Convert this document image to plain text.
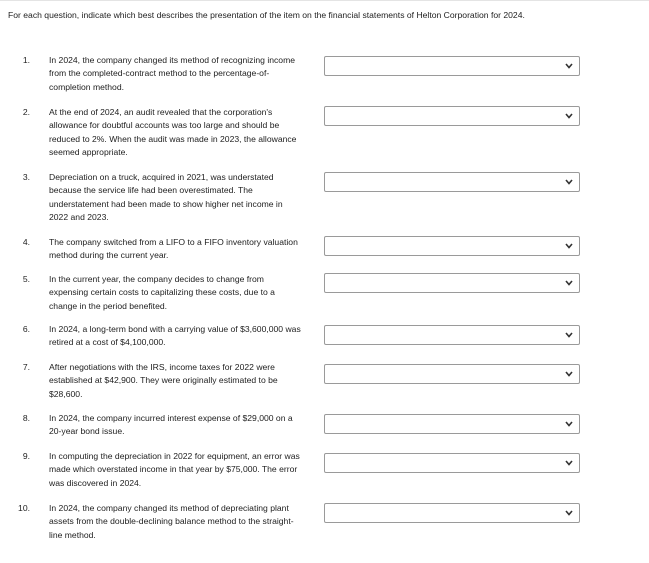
For each question, indicate which best describes the presentation of the item on the financial statements of Helton Corporation for 2024.
1. In 2024, the company changed its method of recognizing income from the completed-contract method to the percentage-of-completion method.
2. At the end of 2024, an audit revealed that the corporation's allowance for doubtful accounts was too large and should be reduced to 2%. When the audit was made in 2023, the allowance seemed appropriate.
3. Depreciation on a truck, acquired in 2021, was understated because the service life had been overestimated. The understatement had been made to show higher net income in 2022 and 2023.
4. The company switched from a LIFO to a FIFO inventory valuation method during the current year.
5. In the current year, the company decides to change from expensing certain costs to capitalizing these costs, due to a change in the period benefited.
6. In 2024, a long-term bond with a carrying value of $3,600,000 was retired at a cost of $4,100,000.
7. After negotiations with the IRS, income taxes for 2022 were established at $42,900. They were originally estimated to be $28,600.
8. In 2024, the company incurred interest expense of $29,000 on a 20-year bond issue.
9. In computing the depreciation in 2022 for equipment, an error was made which overstated income in that year by $75,000. The error was discovered in 2024.
10. In 2024, the company changed its method of depreciating plant assets from the double-declining balance method to the straight-line method.
